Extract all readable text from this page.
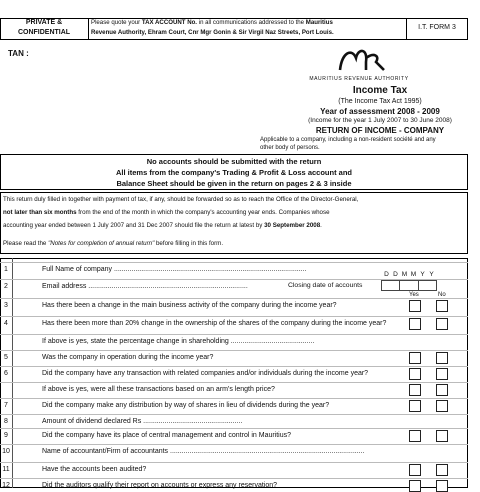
PRIVATE &
CONFIDENTIAL
Please quote your TAX ACCOUNT No. in all communications addressed to the Mauritius
Revenue Authority, Ehram Court, Cnr Mgr Gonin & Sir Virgil Naz Streets, Port Louis.
I.T. FORM 3
TAN :
MAURITIUS REVENUE AUTHORITY
Income Tax
(The Income Tax Act 1995)
Year of assessment 2008 - 2009
(Income for the year 1 July 2007 to 30 June 2008)
RETURN OF INCOME - COMPANY
Applicable to a company, including a non-resident société and any
other body of persons.
No accounts should be submitted with the return
All items from the company's Trading & Profit & Loss account and
Balance Sheet should be given in the return on pages 2 & 3 inside
This return duly filled in together with payment of tax, if any, should be forwarded so as to reach the Office of the Director-General,
not later than six months from the end of the month in which the company's accounting year ends. Companies whose
accounting year ended between 1 July 2007 and 31 Dec 2007 should file the return at latest by 30 September 2008.
Please read the "Notes for completion of annual return" before filling in this form.
D D M M Y Y
Closing date of accounts
Yes	No
1	Full Name of company ...................................................................................................
2	Email address ..................................................................................
3	Has there been a change in the main business activity of the company during the income year?
4	Has there been more than 20% change in the ownership of the shares of the company during the income year?
If above is yes, state the percentage change in shareholding ...........................................
5	Was the company in operation during the income year?
6	Did the company have any transaction with related companies and/or individuals during the income year?
If above is yes, were all these transactions based on an arm's length price?
7	Did the company make any distribution by way of shares in lieu of dividends during the year?
8	Amount of dividend declared Rs ...................................................
9	Did the company have its place of central management and control in Mauritius?
10	Name of accountant/Firm of accountants ....................................................................................................
11	Have the accounts been audited?
12	Did the auditors qualify their report on accounts or express any reservation?
